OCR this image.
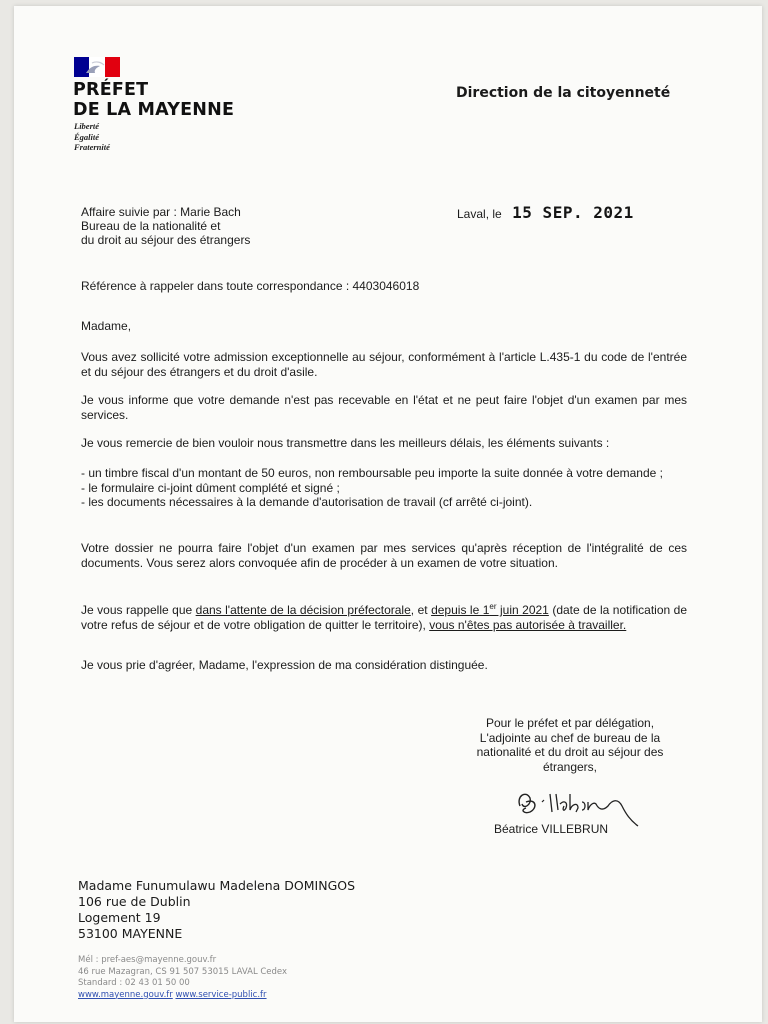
PRÉFET
DE LA MAYENNE
Liberté
Égalité
Fraternité
Direction de la citoyenneté
Affaire suivie par : Marie Bach
Bureau de la nationalité et
du droit au séjour des étrangers
Laval, le 15 SEP. 2021
Référence à rappeler dans toute correspondance : 4403046018
Madame,

Vous avez sollicité votre admission exceptionnelle au séjour, conformément à l'article L.435-1 du code de l'entrée et du séjour des étrangers et du droit d'asile.

Je vous informe que votre demande n'est pas recevable en l'état et ne peut faire l'objet d'un examen par mes services.

Je vous remercie de bien vouloir nous transmettre dans les meilleurs délais, les éléments suivants :

- un timbre fiscal d'un montant de 50 euros, non remboursable peu importe la suite donnée à votre demande ;

- le formulaire ci-joint dûment complété et signé ;

- les documents nécessaires à la demande d'autorisation de travail (cf arrêté ci-joint).

Votre dossier ne pourra faire l'objet d'un examen par mes services qu'après réception de l'intégralité de ces documents. Vous serez alors convoquée afin de procéder à un examen de votre situation.

Je vous rappelle que dans l'attente de la décision préfectorale, et depuis le 1er juin 2021 (date de la notification de votre refus de séjour et de votre obligation de quitter le territoire), vous n'êtes pas autorisée à travailler.

Je vous prie d'agréer, Madame, l'expression de ma considération distinguée.

Pour le préfet et par délégation,
L'adjointe au chef de bureau de la
nationalité et du droit au séjour des
étrangers,
Béatrice VILLEBRUN
Madame Funumulawu Madelena DOMINGOS
106 rue de Dublin
Logement 19
53100 MAYENNE
Mél : pref-aes@mayenne.gouv.fr
46 rue Mazagran, CS 91 507 53015 LAVAL Cedex
Standard : 02 43 01 50 00
www.mayenne.gouv.fr www.service-public.fr
